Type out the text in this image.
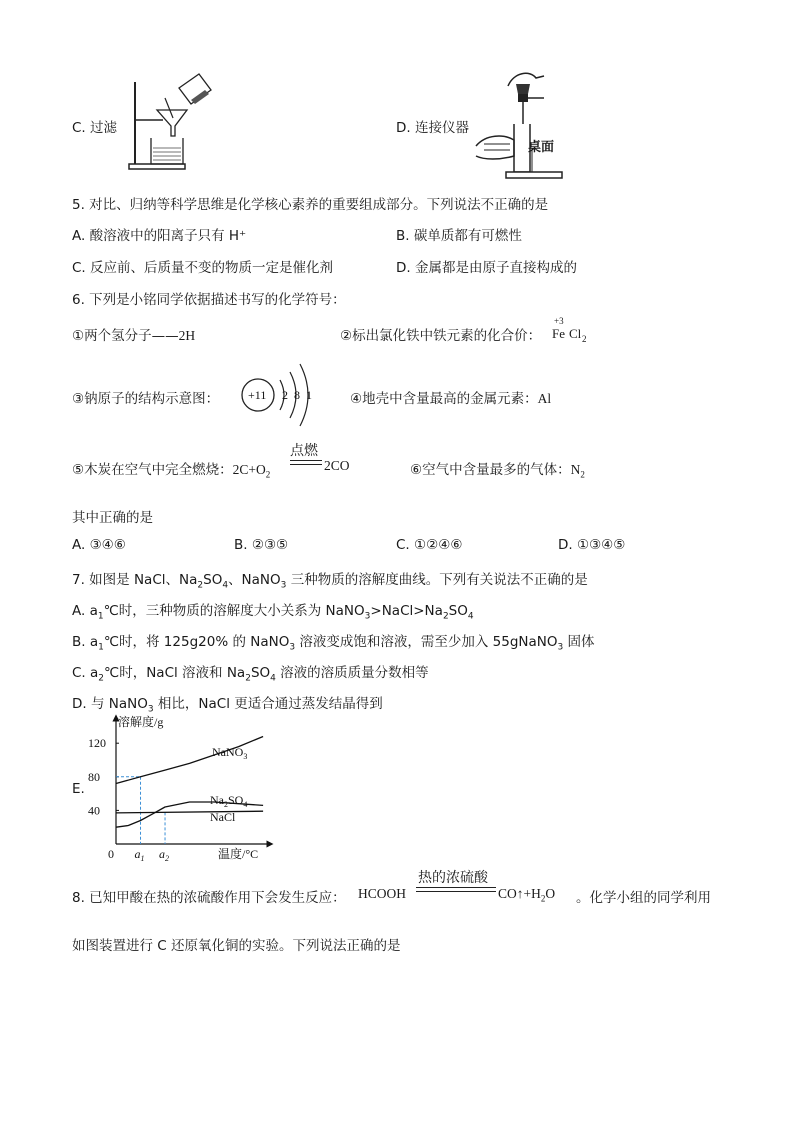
C. 过滤	D. 连接仪器
桌面
5. 对比、归纳等科学思维是化学核心素养的重要组成部分。下列说法不正确的是
A. 酸溶液中的阳离子只有 H⁺	B. 碳单质都有可燃性
C. 反应前、后质量不变的物质一定是催化剂	D. 金属都是由原子直接构成的
6. 下列是小铭同学依据描述书写的化学符号：
①两个氢分子——2H	②标出氯化铁中铁元素的化合价：
+3
Fe Cl 2
③钠原子的结构示意图： +11 2 8 1	④地壳中含量最高的金属元素：Al
⑤木炭在空气中完全燃烧：$2C+O_2$
点燃
2CO	⑥空气中含量最多的气体：$N_2$
其中正确的是
A. ③④⑥	B. ②③⑤	C. ①②④⑥	D. ①③④⑤
7. 如图是 NaCl、$Na_2SO_4$、NaNO$_3$ 三种物质的溶解度曲线。下列有关说法不正确的是
A. $a_1℃$时，三种物质的溶解度大小关系为 $NaNO_3>NaCl>Na_2SO_4$
B. $a_1℃$时，将 125g20% 的 NaNO$_3$ 溶液变成饱和溶液，需至少加入 55gNaNO$_3$ 固体
C. $a_2℃$时，NaCl 溶液和 $Na_2SO_4$ 溶液的溶质质量分数相等
D. 与 NaNO$_3$ 相比，NaCl 更适合通过蒸发结晶得到
E.
溶解度/g
温度/°C
0
40
80
120
$a_1$ $a_2$
NaNO$_3$
$Na_2SO_4$
NaCl
8. 已知甲酸在热的浓硫酸作用下会发生反应： HCOOH
热的浓硫酸
$CO↑+H_2O$ 。化学小组的同学利用
如图装置进行 C 还原氧化铜的实验。下列说法正确的是
